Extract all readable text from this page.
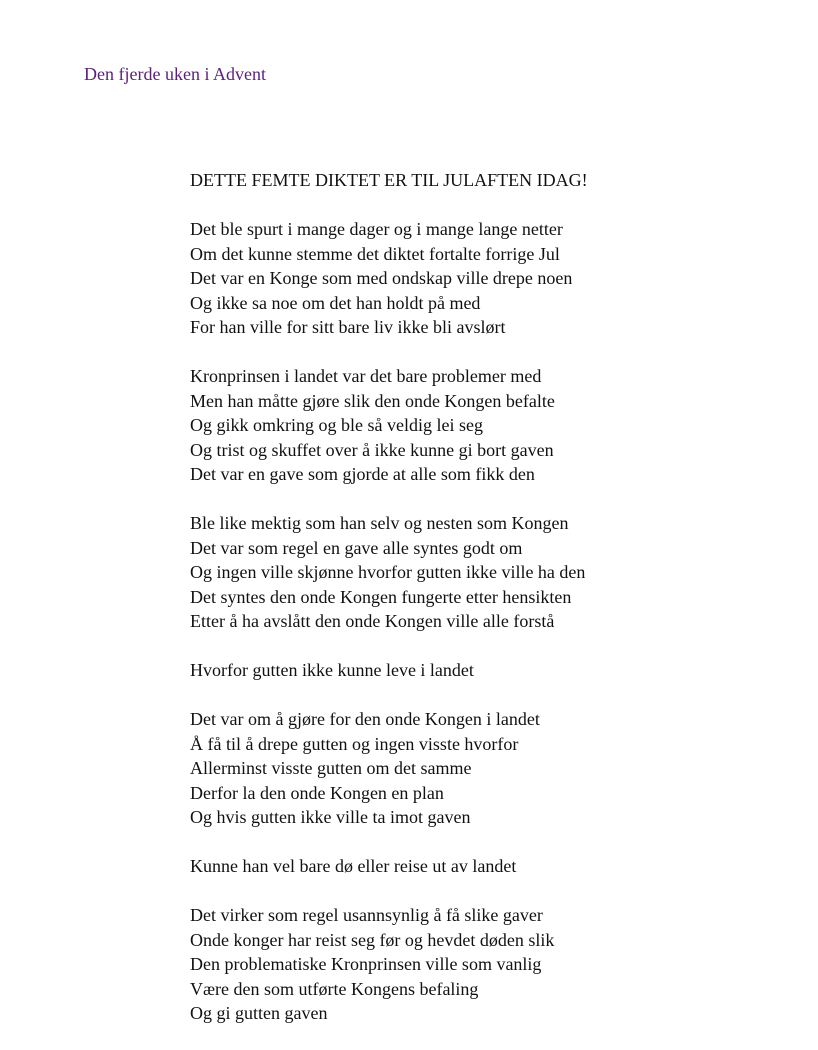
Den fjerde uken i Advent
DETTE FEMTE DIKTET ER TIL JULAFTEN IDAG!
Det ble spurt i mange dager og i mange lange netter
Om det kunne stemme det diktet fortalte forrige Jul
Det var en Konge som med ondskap ville drepe noen
Og ikke sa noe om det han holdt på med
For han ville for sitt bare liv ikke bli avslørt
Kronprinsen i landet var det bare problemer med
Men han måtte gjøre slik den onde Kongen befalte
Og gikk omkring og ble så veldig lei seg
Og trist og skuffet over å ikke kunne gi bort gaven
Det var en gave som gjorde at alle som fikk den
Ble like mektig som han selv og nesten som Kongen
Det var som regel en gave alle syntes godt om
Og ingen ville skjønne hvorfor gutten ikke ville ha den
Det syntes den onde Kongen fungerte etter hensikten
Etter å ha avslått den onde Kongen ville alle forstå
Hvorfor gutten ikke kunne leve i landet
Det var om å gjøre for den onde Kongen i landet
Å få til å drepe gutten og ingen visste hvorfor
Allerminst visste gutten om det samme
Derfor la den onde Kongen en plan
Og hvis gutten ikke ville ta imot gaven
Kunne han vel bare dø eller reise ut av landet
Det virker som regel usannsynlig å få slike gaver
Onde konger har reist seg før og hevdet døden slik
Den problematiske Kronprinsen ville som vanlig
Være den som utførte Kongens befaling
Og gi gutten gaven
